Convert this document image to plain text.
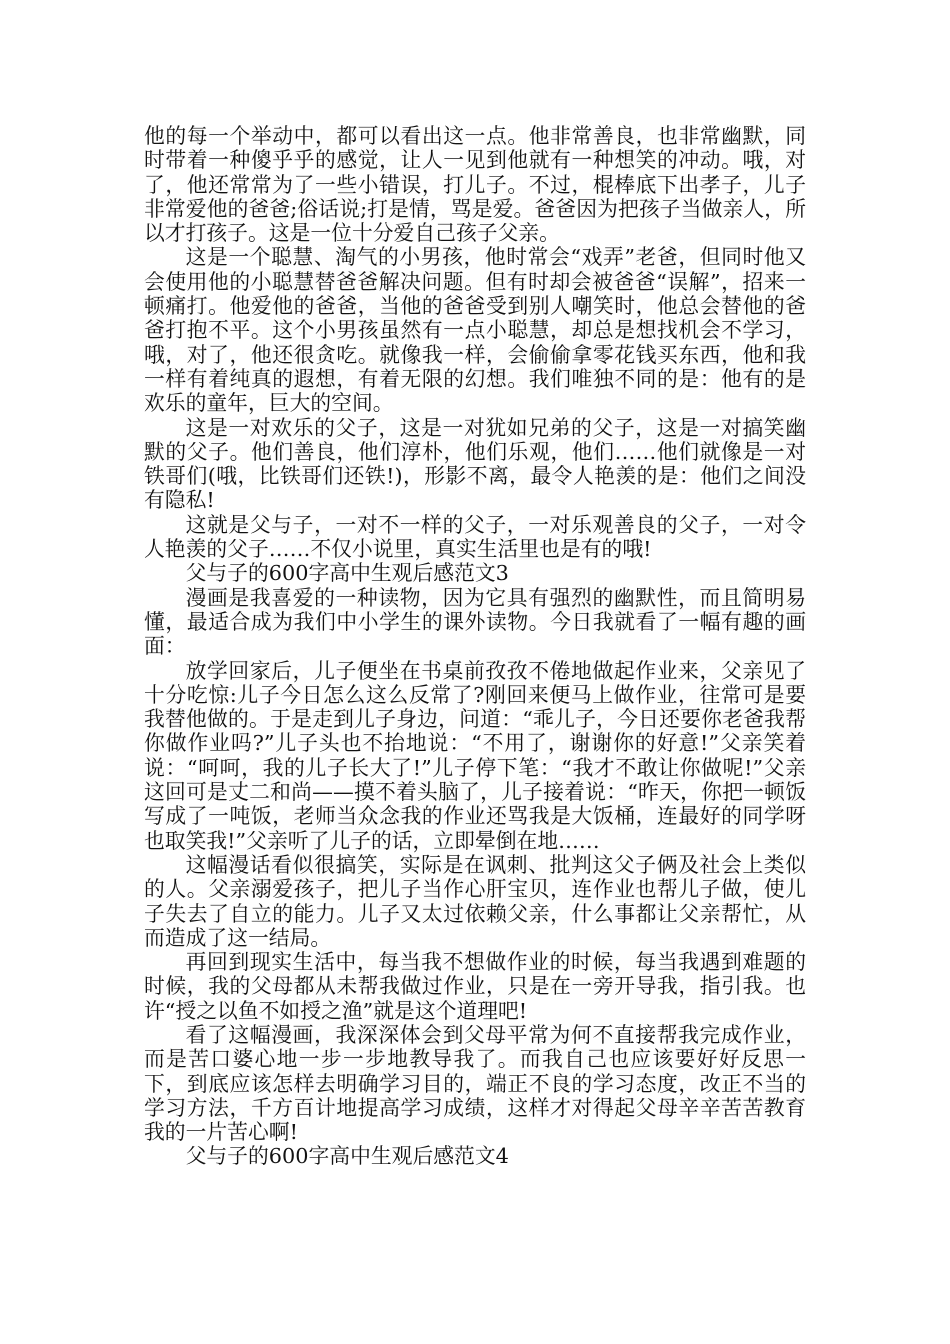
他的每一个举动中，都可以看出这一点。他非常善良，也非常幽默，同时带着一种傻乎乎的感觉，让人一见到他就有一种想笑的冲动。哦，对了，他还常常为了一些小错误，打儿子。不过，棍棒底下出孝子，儿子非常爱他的爸爸;俗话说;打是情，骂是爱。爸爸因为把孩子当做亲人，所以才打孩子。这是一位十分爱自己孩子父亲。

这是一个聪慧、淘气的小男孩，他时常会“戏弄”老爸，但同时他又会使用他的小聪慧替爸爸解决问题。但有时却会被爸爸“误解”，招来一顿痛打。他爱他的爸爸，当他的爸爸受到别人嘲笑时，他总会替他的爸爸打抱不平。这个小男孩虽然有一点小聪慧，却总是想找机会不学习，哦，对了，他还很贪吃。就像我一样，会偷偷拿零花钱买东西，他和我一样有着纯真的遐想，有着无限的幻想。我们唯独不同的是：他有的是欢乐的童年，巨大的空间。

这是一对欢乐的父子，这是一对犹如兄弟的父子，这是一对搞笑幽默的父子。他们善良，他们淳朴，他们乐观，他们……他们就像是一对铁哥们(哦，比铁哥们还铁!)，形影不离，最令人艳羡的是：他们之间没有隐私!

这就是父与子，一对不一样的父子，一对乐观善良的父子，一对令人艳羡的父子……不仅小说里，真实生活里也是有的哦!

父与子的600字高中生观后感范文3

漫画是我喜爱的一种读物，因为它具有强烈的幽默性，而且简明易懂，最适合成为我们中小学生的课外读物。今日我就看了一幅有趣的画面：

放学回家后，儿子便坐在书桌前孜孜不倦地做起作业来，父亲见了十分吃惊:儿子今日怎么这么反常了?刚回来便马上做作业，往常可是要我替他做的。于是走到儿子身边，问道：“乖儿子，今日还要你老爸我帮你做作业吗?”儿子头也不抬地说：“不用了，谢谢你的好意!”父亲笑着说：“呵呵，我的儿子长大了!”儿子停下笔：“我才不敢让你做呢!”父亲这回可是丈二和尚——摸不着头脑了，儿子接着说：“昨天，你把一顿饭写成了一吨饭，老师当众念我的作业还骂我是大饭桶，连最好的同学呀也取笑我!”父亲听了儿子的话，立即晕倒在地……

这幅漫话看似很搞笑，实际是在讽刺、批判这父子俩及社会上类似的人。父亲溺爱孩子，把儿子当作心肝宝贝，连作业也帮儿子做，使儿子失去了自立的能力。儿子又太过依赖父亲，什么事都让父亲帮忙，从而造成了这一结局。

再回到现实生活中，每当我不想做作业的时候，每当我遇到难题的时候，我的父母都从未帮我做过作业，只是在一旁开导我，指引我。也许“授之以鱼不如授之渔”就是这个道理吧!

看了这幅漫画，我深深体会到父母平常为何不直接帮我完成作业，而是苦口婆心地一步一步地教导我了。而我自己也应该要好好反思一下，到底应该怎样去明确学习目的，端正不良的学习态度，改正不当的学习方法，千方百计地提高学习成绩，这样才对得起父母辛辛苦苦教育我的一片苦心啊!

父与子的600字高中生观后感范文4
